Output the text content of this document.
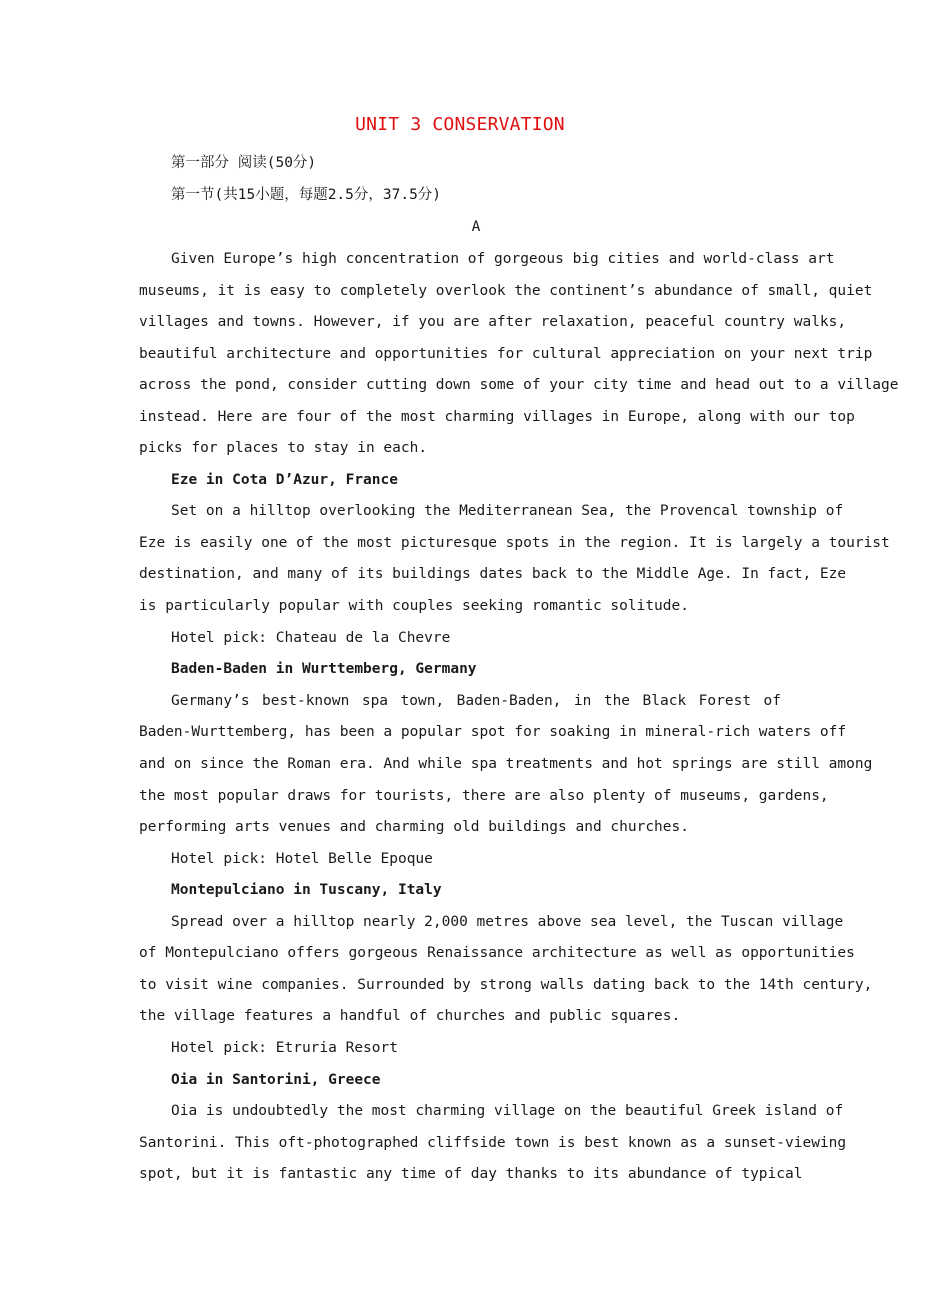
UNIT 3 CONSERVATION
第一部分 阅读(50分)
第一节(共15小题，每题2.5分，37.5分)
A
Given Europe’s high concentration of gorgeous big cities and world-class art
museums, it is easy to completely overlook the continent’s abundance of small, quiet
villages and towns. However, if you are after relaxation, peaceful country walks,
beautiful architecture and opportunities for cultural appreciation on your next trip
across the pond, consider cutting down some of your city time and head out to a village
instead. Here are four of the most charming villages in Europe, along with our top
picks for places to stay in each.
Eze in Cota D’Azur, France
Set on a hilltop overlooking the Mediterranean Sea, the Provencal township of
Eze is easily one of the most picturesque spots in the region. It is largely a tourist
destination, and many of its buildings dates back to the Middle Age. In fact, Eze
is particularly popular with couples seeking romantic solitude.
Hotel pick: Chateau de la Chevre
Baden-Baden in Wurttemberg, Germany
Germany’s best-known spa town, Baden-Baden, in the Black Forest of
Baden-Wurttemberg, has been a popular spot for soaking in mineral-rich waters off
and on since the Roman era. And while spa treatments and hot springs are still among
the most popular draws for tourists, there are also plenty of museums, gardens,
performing arts venues and charming old buildings and churches.
Hotel pick: Hotel Belle Epoque
Montepulciano in Tuscany, Italy
Spread over a hilltop nearly 2,000 metres above sea level, the Tuscan village
of Montepulciano offers gorgeous Renaissance architecture as well as opportunities
to visit wine companies. Surrounded by strong walls dating back to the 14th century,
the village features a handful of churches and public squares.
Hotel pick: Etruria Resort
Oia in Santorini, Greece
Oia is undoubtedly the most charming village on the beautiful Greek island of
Santorini. This oft-photographed cliffside town is best known as a sunset-viewing
spot, but it is fantastic any time of day thanks to its abundance of typical
